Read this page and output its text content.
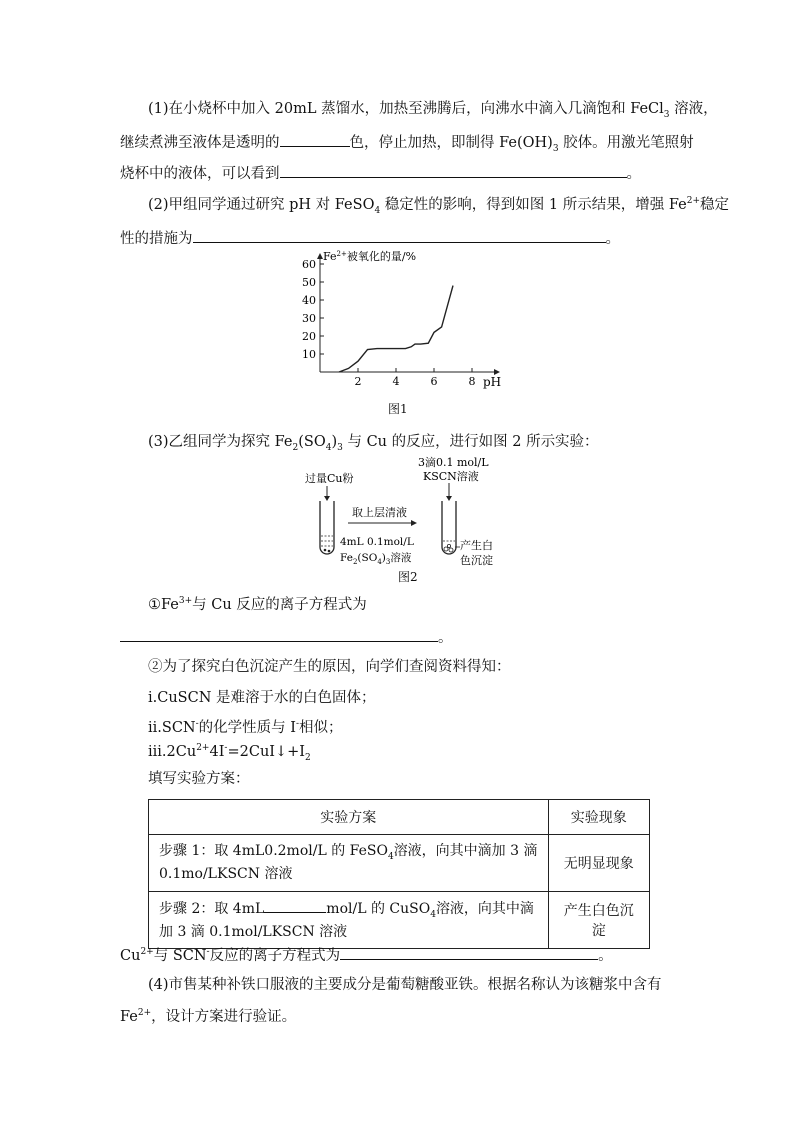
(1)在小烧杯中加入 20mL 蒸馏水，加热至沸腾后，向沸水中滴入几滴饱和 FeCl$_3$ 溶液，
继续煮沸至液体是透明的	色，停止加热，即制得 $Fe(OH)_3$ 胶体。用激光笔照射
烧杯中的液体，可以看到	。
(2)甲组同学通过研究 pH 对 FeSO$_4$ 稳定性的影响，得到如图 1 所示结果，增强 $Fe^{2+}$稳定
性的措施为	。
$Fe^{2+}$被氧化的量/%
pH
10
20
30
40
50
60
2	4	6	8
图1
(3)乙组同学为探究 $Fe_2(SO_4)_3$ 与 Cu 的反应，进行如图 2 所示实验：
过量Cu粉
3滴0.1 mol/L
KSCN溶液
取上层清液
4mL 0.1mol/L
$Fe_2(SO_4)_3$溶液
产生白
色沉淀
图2
$①Fe^{3+}$与 Cu 反应的离子方程式为
。
②为了探究白色沉淀产生的原因，向学们查阅资料得知：
i.CuSCN 是难溶于水的白色固体；
ii.SCN-的化学性质与 I-相似；
$iii.2Cu^{2+}4I^-=2CuI↓+I_2$
填写实验方案：
实验方案	实验现象

步骤 1：取 4mL0.2mol/L 的 FeSO$_4$溶液，向其中滴加 3 滴
0.1mo/LKSCN 溶液	无明显现象

步骤 2：取 4mL mol/L 的 CuSO$_4$溶液，向其中滴
加 3 滴 0.1mol/LKSCN 溶液	产生白色沉淀
$Cu^{2+}$与 SCN-反应的离子方程式为	。
(4)市售某种补铁口服液的主要成分是葡萄糖酸亚铁。根据名称认为该糖浆中含有
$Fe^{2+}$，设计方案进行验证。
